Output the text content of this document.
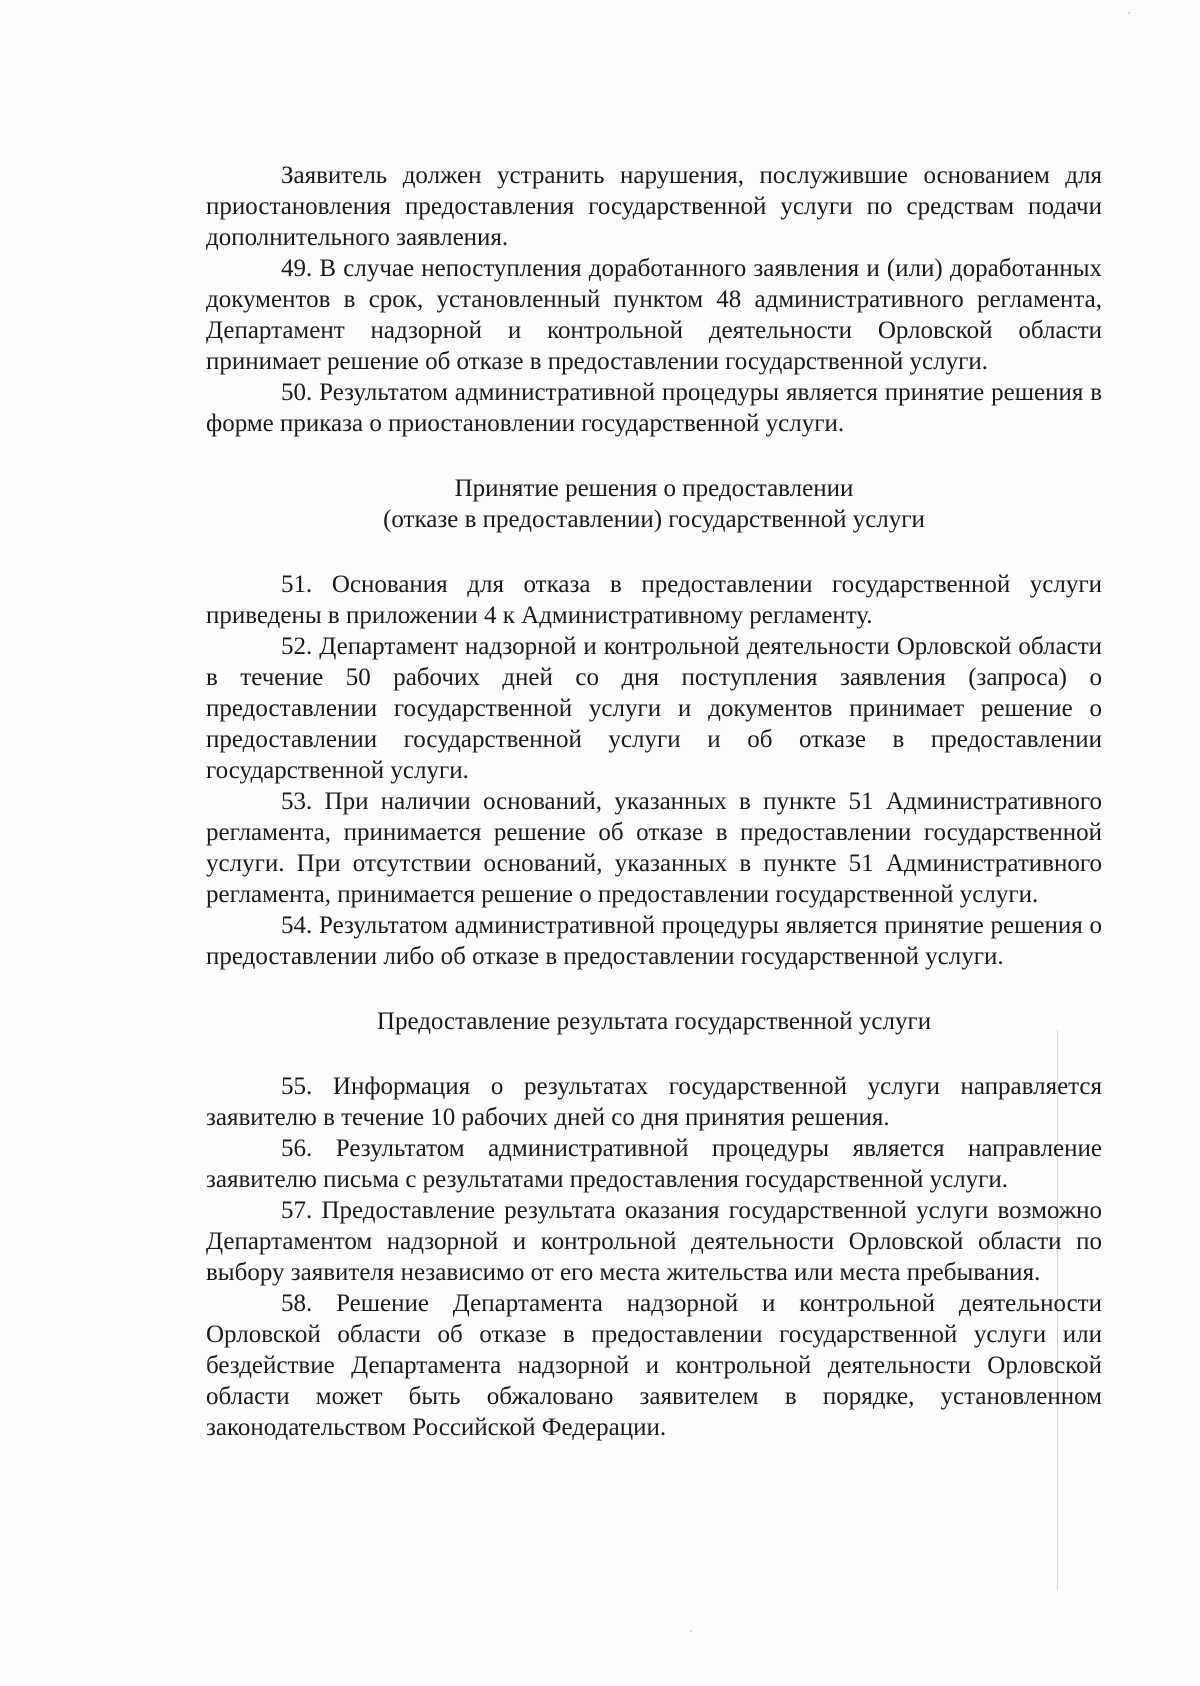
Заявитель должен устранить нарушения, послужившие основанием для приостановления предоставления государственной услуги по средствам подачи дополнительного заявления.

49. В случае непоступления доработанного заявления и (или) доработанных документов в срок, установленный пунктом 48 административного регламента, Департамент надзорной и контрольной деятельности Орловской области принимает решение об отказе в предоставлении государственной услуги.

50. Результатом административной процедуры является принятие решения в форме приказа о приостановлении государственной услуги.

Принятие решения о предоставлении

(отказе в предоставлении) государственной услуги

51. Основания для отказа в предоставлении государственной услуги приведены в приложении 4 к Административному регламенту.

52. Департамент надзорной и контрольной деятельности Орловской области в течение 50 рабочих дней со дня поступления заявления (запроса) о предоставлении государственной услуги и документов принимает решение о предоставлении государственной услуги и об отказе в предоставлении государственной услуги.

53. При наличии оснований, указанных в пункте 51 Административного регламента, принимается решение об отказе в предоставлении государственной услуги. При отсутствии оснований, указанных в пункте 51 Административного регламента, принимается решение о предоставлении государственной услуги.

54. Результатом административной процедуры является принятие решения о предоставлении либо об отказе в предоставлении государственной услуги.

Предоставление результата государственной услуги

55. Информация о результатах государственной услуги направляется заявителю в течение 10 рабочих дней со дня принятия решения.

56. Результатом административной процедуры является направление заявителю письма с результатами предоставления государственной услуги.

57. Предоставление результата оказания государственной услуги возможно Департаментом надзорной и контрольной деятельности Орловской области по выбору заявителя независимо от его места жительства или места пребывания.

58. Решение Департамента надзорной и контрольной деятельности Орловской области об отказе в предоставлении государственной услуги или бездействие Департамента надзорной и контрольной деятельности Орловской области может быть обжаловано заявителем в порядке, установленном законодательством Российской Федерации.
